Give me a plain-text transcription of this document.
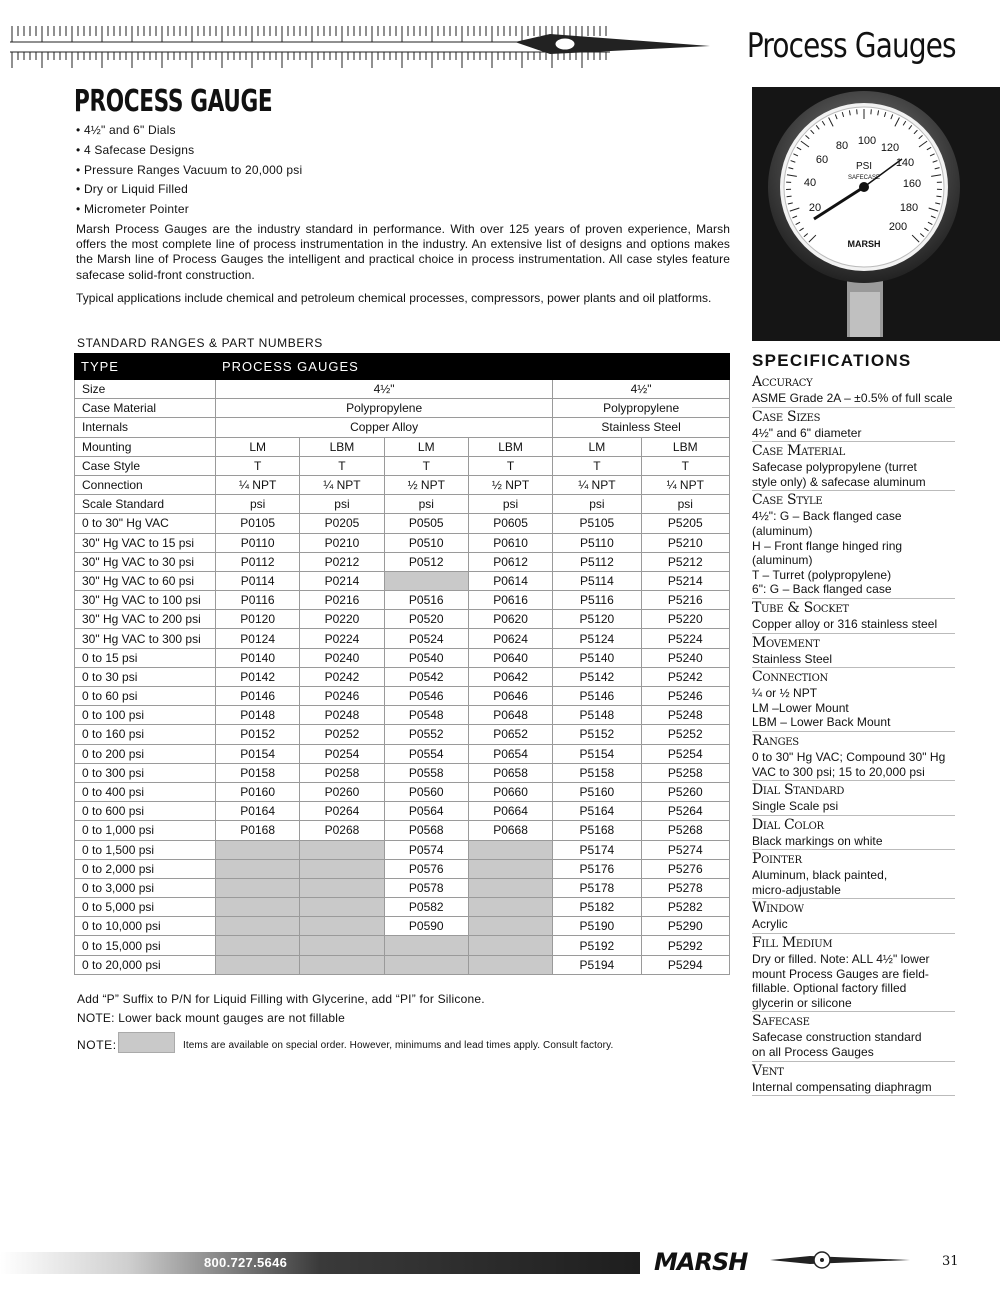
Process Gauges
PROCESS GAUGE
• 4½" and 6" Dials
• 4 Safecase Designs
• Pressure Ranges Vacuum to 20,000 psi
• Dry or Liquid Filled
• Micrometer Pointer

Marsh Process Gauges are the industry standard in performance. With over 125 years of proven experience, Marsh offers the most complete line of process instrumentation in the industry. An extensive list of designs and options makes the Marsh line of Process Gauges the intelligent and practical choice in process instrumentation. All case styles feature safecase solid-front construction.

Typical applications include chemical and petroleum chemical processes, compressors, power plants and oil platforms.

20
40
60
80 100
120
140
160
180
200
PSI
SAFECASE
MARSH
STANDARD RANGES & PART NUMBERS
TYPE	PROCESS GAUGES					
Size	4½"				4½"	
Case Material	Polypropylene				Polypropylene	
Internals	Copper Alloy				Stainless Steel	
Mounting	LM	LBM	LM	LBM	LM	LBM
Case Style	T	T	T	T	T	T
Connection	¼ NPT	¼ NPT	½ NPT	½ NPT	¼ NPT	¼ NPT
Scale Standard	psi	psi	psi	psi	psi	psi
0 to 30" Hg VAC	P0105	P0205	P0505	P0605	P5105	P5205
30" Hg VAC to 15 psi	P0110	P0210	P0510	P0610	P5110	P5210
30" Hg VAC to 30 psi	P0112	P0212	P0512	P0612	P5112	P5212
30" Hg VAC to 60 psi	P0114	P0214		P0614	P5114	P5214
30" Hg VAC to 100 psi	P0116	P0216	P0516	P0616	P5116	P5216
30" Hg VAC to 200 psi	P0120	P0220	P0520	P0620	P5120	P5220
30" Hg VAC to 300 psi	P0124	P0224	P0524	P0624	P5124	P5224
0 to 15 psi	P0140	P0240	P0540	P0640	P5140	P5240
0 to 30 psi	P0142	P0242	P0542	P0642	P5142	P5242
0 to 60 psi	P0146	P0246	P0546	P0646	P5146	P5246
0 to 100 psi	P0148	P0248	P0548	P0648	P5148	P5248
0 to 160 psi	P0152	P0252	P0552	P0652	P5152	P5252
0 to 200 psi	P0154	P0254	P0554	P0654	P5154	P5254
0 to 300 psi	P0158	P0258	P0558	P0658	P5158	P5258
0 to 400 psi	P0160	P0260	P0560	P0660	P5160	P5260
0 to 600 psi	P0164	P0264	P0564	P0664	P5164	P5264
0 to 1,000 psi	P0168	P0268	P0568	P0668	P5168	P5268
0 to 1,500 psi			P0574		P5174	P5274
0 to 2,000 psi			P0576		P5176	P5276
0 to 3,000 psi			P0578		P5178	P5278
0 to 5,000 psi			P0582		P5182	P5282
0 to 10,000 psi			P0590		P5190	P5290
0 to 15,000 psi					P5192	P5292
0 to 20,000 psi					P5194	P5294
Add “P” Suffix to P/N for Liquid Filling with Glycerine, add “PI” for Silicone.
NOTE: Lower back mount gauges are not fillable
NOTE:	Items are available on special order. However, minimums and lead times apply. Consult factory.
SPECIFICATIONS
Accuracy
ASME Grade 2A – ±0.5% of full scale
Case Sizes
4½" and 6" diameter
Case Material
Safecase polypropylene (turret
style only) & safecase aluminum
Case Style
4½": G – Back flanged case
(aluminum)
H – Front flange hinged ring
(aluminum)
T – Turret (polypropylene)
6": G – Back flanged case
Tube & Socket
Copper alloy or 316 stainless steel
Movement
Stainless Steel
Connection
¼ or ½ NPT
LM –Lower Mount
LBM – Lower Back Mount
Ranges
0 to 30" Hg VAC; Compound 30" Hg
VAC to 300 psi; 15 to 20,000 psi
Dial Standard
Single Scale psi
Dial Color
Black markings on white
Pointer
Aluminum, black painted,
micro-adjustable
Window
Acrylic
Fill Medium
Dry or filled. Note: ALL 4½" lower
mount Process Gauges are field-
fillable. Optional factory filled
glycerin or silicone
Safecase
Safecase construction standard
on all Process Gauges
Vent
Internal compensating diaphragm
800.727.5646	MARSH	31
